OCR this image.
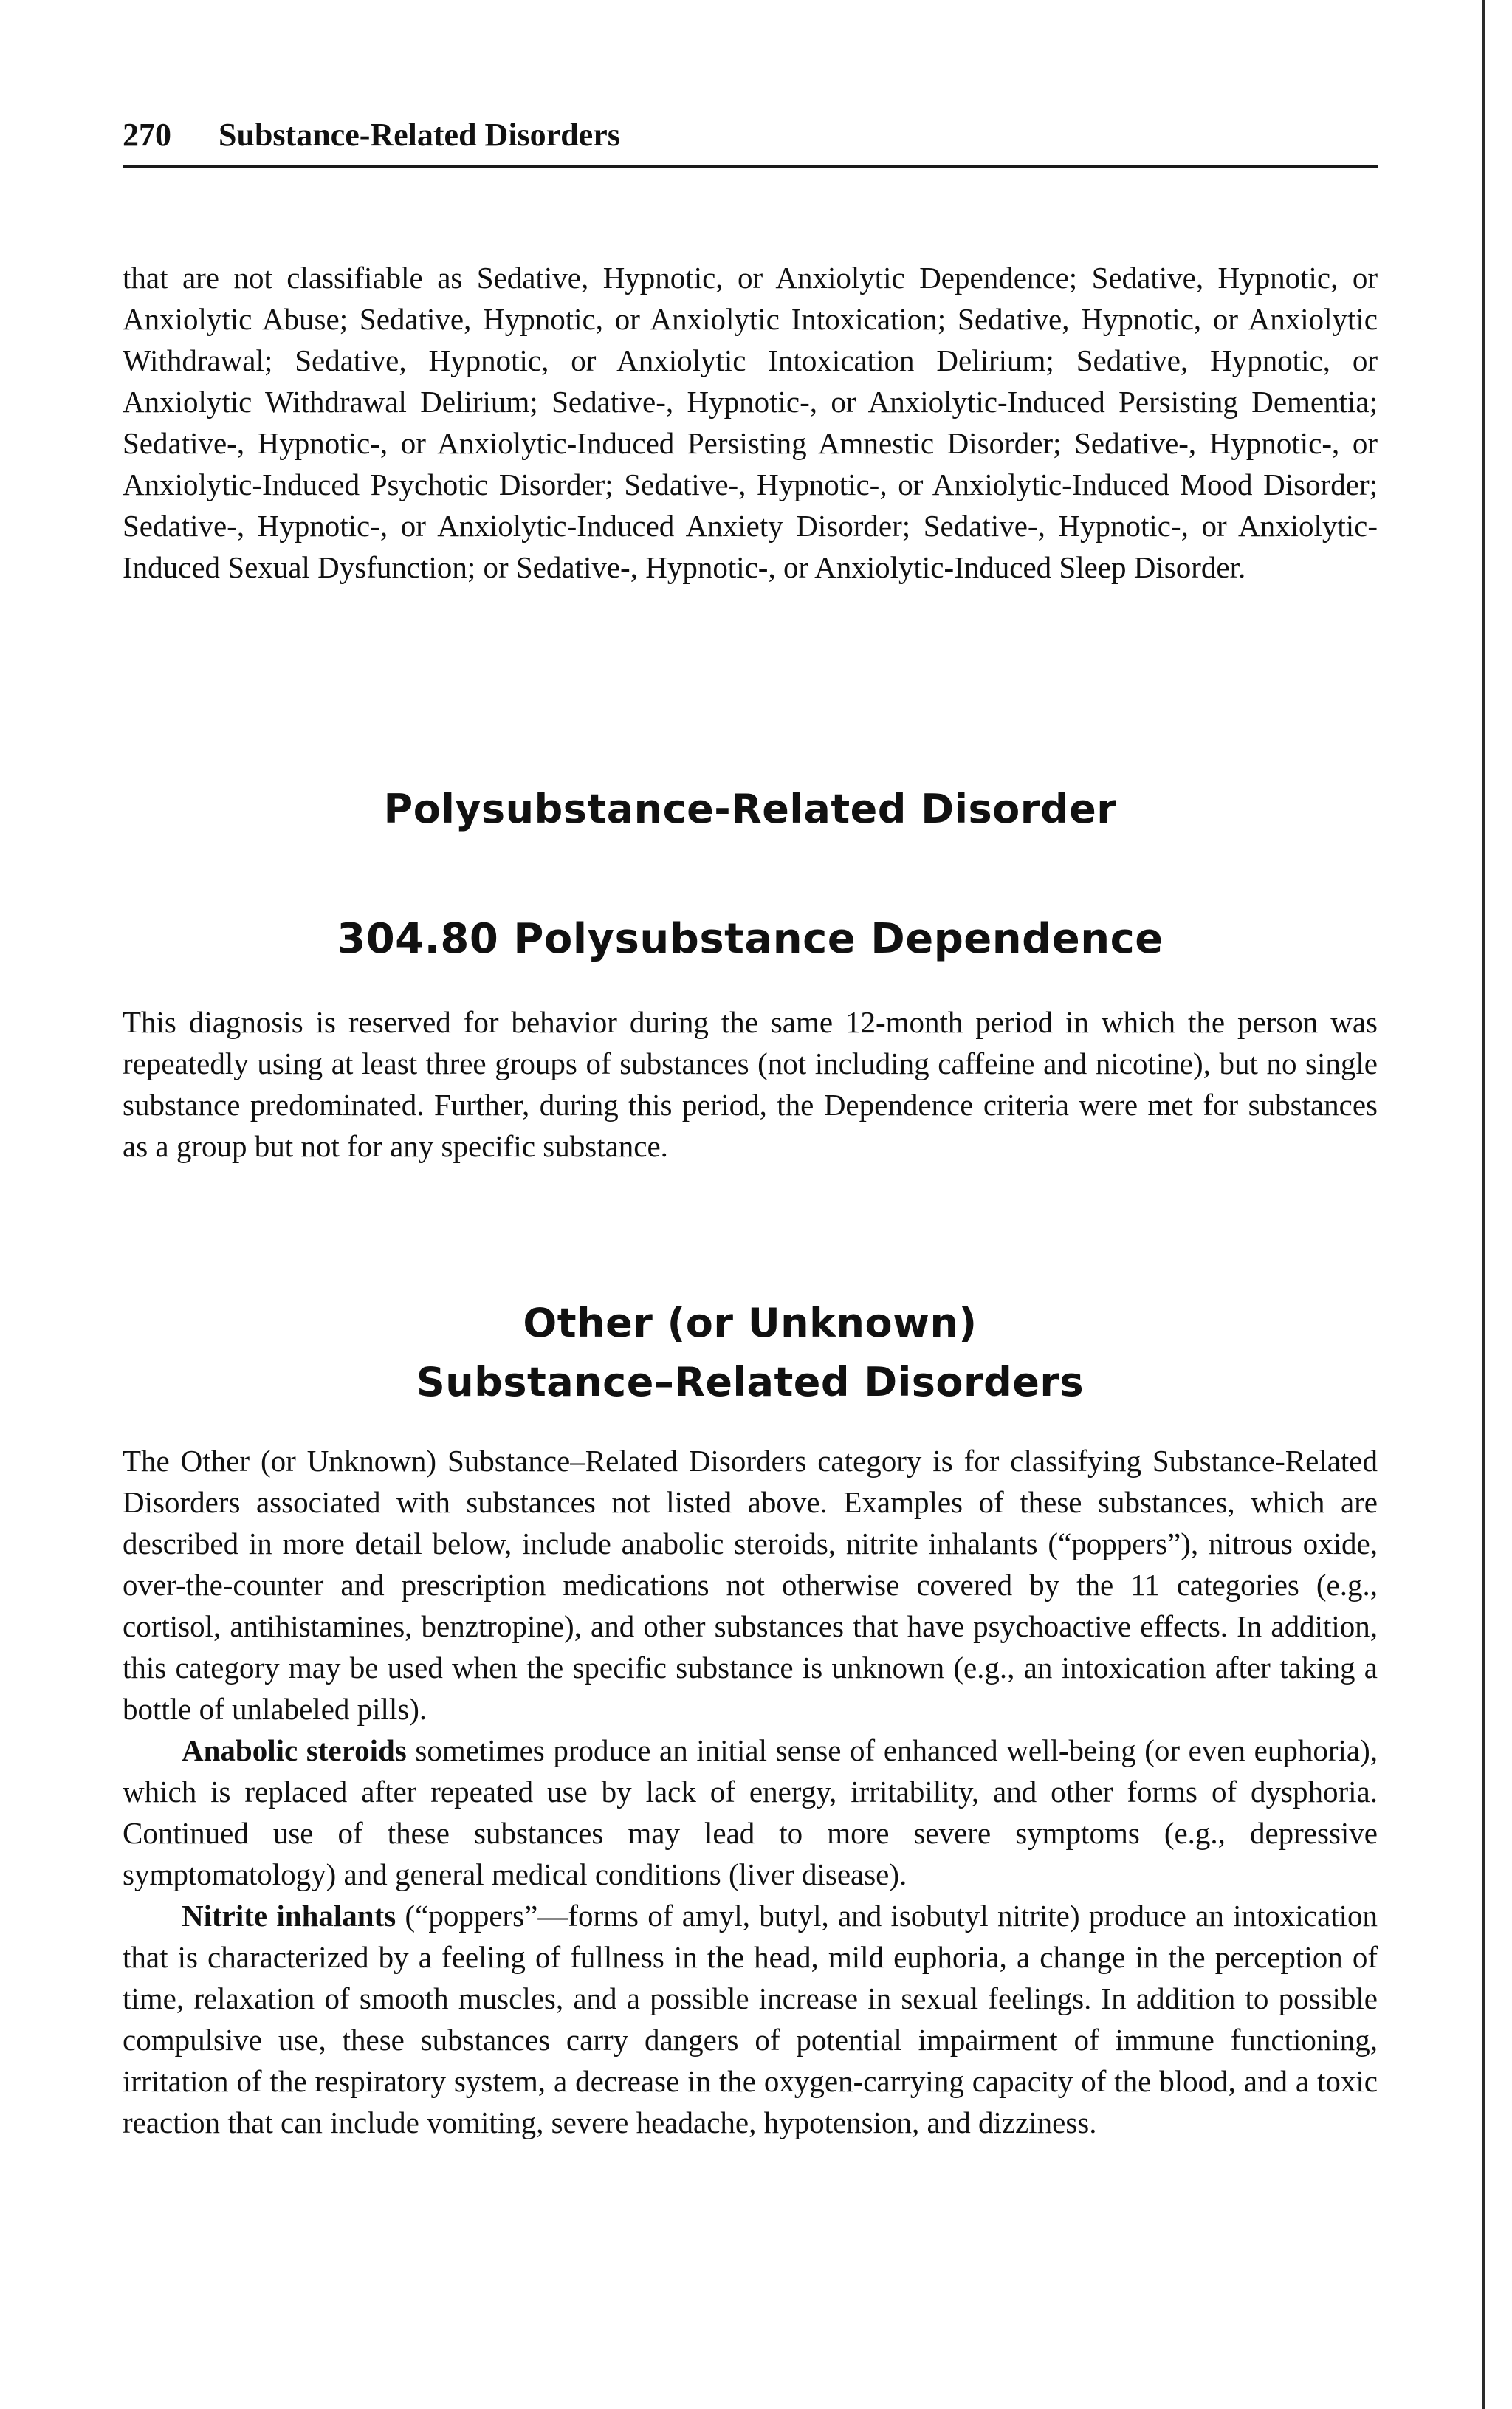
270 Substance-Related Disorders

that are not classifiable as Sedative, Hypnotic, or Anxiolytic Dependence; Sedative, Hypnotic, or Anxiolytic Abuse; Sedative, Hypnotic, or Anxiolytic Intoxication; Sedative, Hypnotic, or Anxiolytic Withdrawal; Sedative, Hypnotic, or Anxiolytic Intoxication Delirium; Sedative, Hypnotic, or Anxiolytic Withdrawal Delirium; Sedative-, Hypnotic-, or Anxiolytic-Induced Persisting Dementia; Sedative-, Hypnotic-, or Anxiolytic-Induced Persisting Amnestic Disorder; Sedative-, Hypnotic-, or Anxiolytic-Induced Psychotic Disorder; Sedative-, Hypnotic-, or Anxiolytic-Induced Mood Disorder; Sedative-, Hypnotic-, or Anxiolytic-Induced Anxiety Disorder; Sedative-, Hypnotic-, or Anxiolytic-Induced Sexual Dysfunction; or Sedative-, Hypnotic-, or Anxiolytic-Induced Sleep Disorder.

Polysubstance-Related Disorder
304.80 Polysubstance Dependence

This diagnosis is reserved for behavior during the same 12-month period in which the person was repeatedly using at least three groups of substances (not including caffeine and nicotine), but no single substance predominated. Further, during this period, the Dependence criteria were met for substances as a group but not for any specific substance.

Other (or Unknown)
Substance–Related Disorders

The Other (or Unknown) Substance–Related Disorders category is for classifying Substance-Related Disorders associated with substances not listed above. Examples of these substances, which are described in more detail below, include anabolic steroids, nitrite inhalants (“poppers”), nitrous oxide, over-the-counter and prescription medications not otherwise covered by the 11 categories (e.g., cortisol, antihistamines, benztropine), and other substances that have psychoactive effects. In addition, this category may be used when the specific substance is unknown (e.g., an intoxication after taking a bottle of unlabeled pills).

Anabolic steroids sometimes produce an initial sense of enhanced well-being (or even euphoria), which is replaced after repeated use by lack of energy, irritability, and other forms of dysphoria. Continued use of these substances may lead to more severe symptoms (e.g., depressive symptomatology) and general medical conditions (liver disease).

Nitrite inhalants (“poppers”—forms of amyl, butyl, and isobutyl nitrite) produce an intoxication that is characterized by a feeling of fullness in the head, mild euphoria, a change in the perception of time, relaxation of smooth muscles, and a possible increase in sexual feelings. In addition to possible compulsive use, these substances carry dangers of potential impairment of immune functioning, irritation of the respiratory system, a decrease in the oxygen-carrying capacity of the blood, and a toxic reaction that can include vomiting, severe headache, hypotension, and dizziness.
